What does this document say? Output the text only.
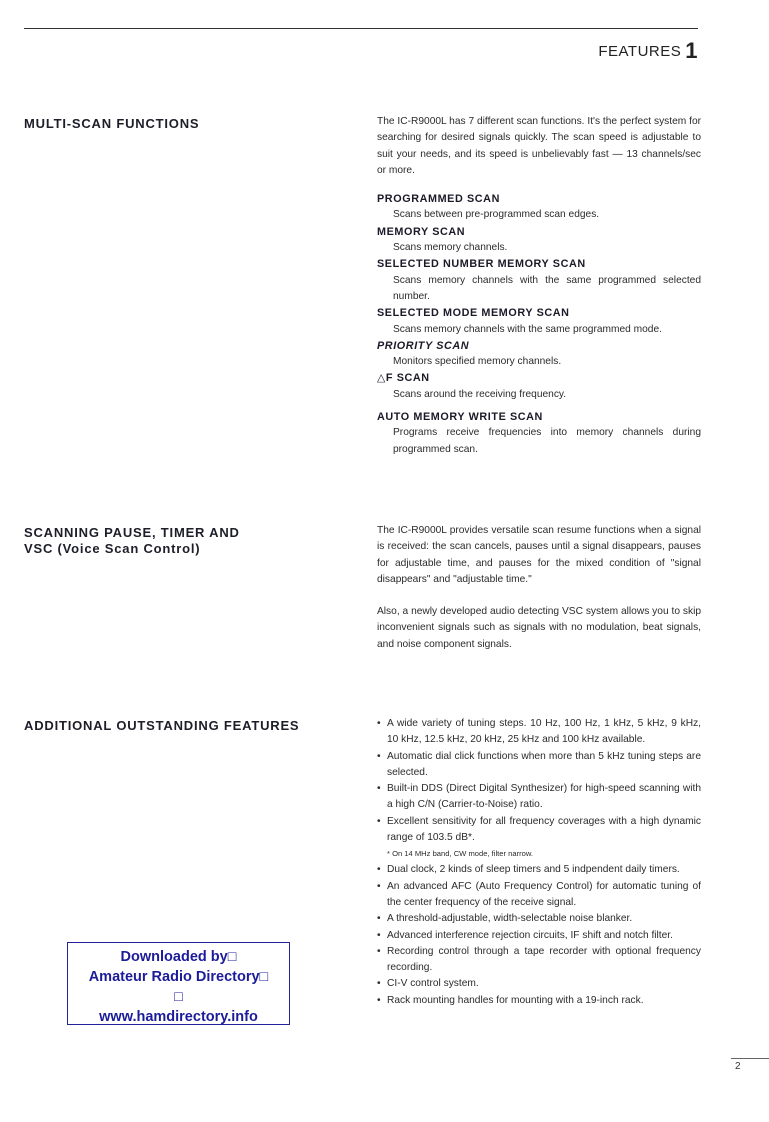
FEATURES 1
MULTI-SCAN FUNCTIONS	The IC-R9000L has 7 different scan functions. It's the perfect system for searching for desired signals quickly. The scan speed is adjustable to suit your needs, and its speed is unbelievably fast — 13 channels/sec or more.

PROGRAMMED SCAN

Scans between pre-programmed scan edges.

MEMORY SCAN

Scans memory channels.

SELECTED NUMBER MEMORY SCAN

Scans memory channels with the same programmed selected number.

SELECTED MODE MEMORY SCAN

Scans memory channels with the same programmed mode.

PRIORITY SCAN

Monitors specified memory channels.

△F SCAN

Scans around the receiving frequency.

AUTO MEMORY WRITE SCAN

Programs receive frequencies into memory channels during programmed scan.

SCANNING PAUSE, TIMER AND
VSC (Voice Scan Control)

The IC-R9000L provides versatile scan resume functions when a signal is received: the scan cancels, pauses until a signal disappears, pauses for adjustable time, and pauses for the mixed condition of "signal disappears" and "adjustable time."

Also, a newly developed audio detecting VSC system allows you to skip inconvenient signals such as signals with no modulation, beat signals, and noise component signals.

ADDITIONAL OUTSTANDING FEATURES
•	A wide variety of tuning steps. 10 Hz, 100 Hz, 1 kHz, 5 kHz, 9 kHz, 10 kHz, 12.5 kHz, 20 kHz, 25 kHz and 100 kHz available.
• Automatic dial click functions when more than 5 kHz tuning steps are selected.
• Built-in DDS (Direct Digital Synthesizer) for high-speed scanning with a high C/N (Carrier-to-Noise) ratio.
• Excellent sensitivity for all frequency coverages with a high dynamic range of 103.5 dB*.
* On 14 MHz band, CW mode, filter narrow.
• Dual clock, 2 kinds of sleep timers and 5 indpendent daily timers.
• An advanced AFC (Auto Frequency Control) for automatic tuning of the center frequency of the receive signal.
• A threshold-adjustable, width-selectable noise blanker.
• Advanced interference rejection circuits, IF shift and notch filter.
• Recording control through a tape recorder with optional frequency recording.
• CI-V control system.
• Rack mounting handles for mounting with a 19-inch rack.
Downloaded by□
Amateur Radio Directory□
□
www.hamdirectory.info
2
